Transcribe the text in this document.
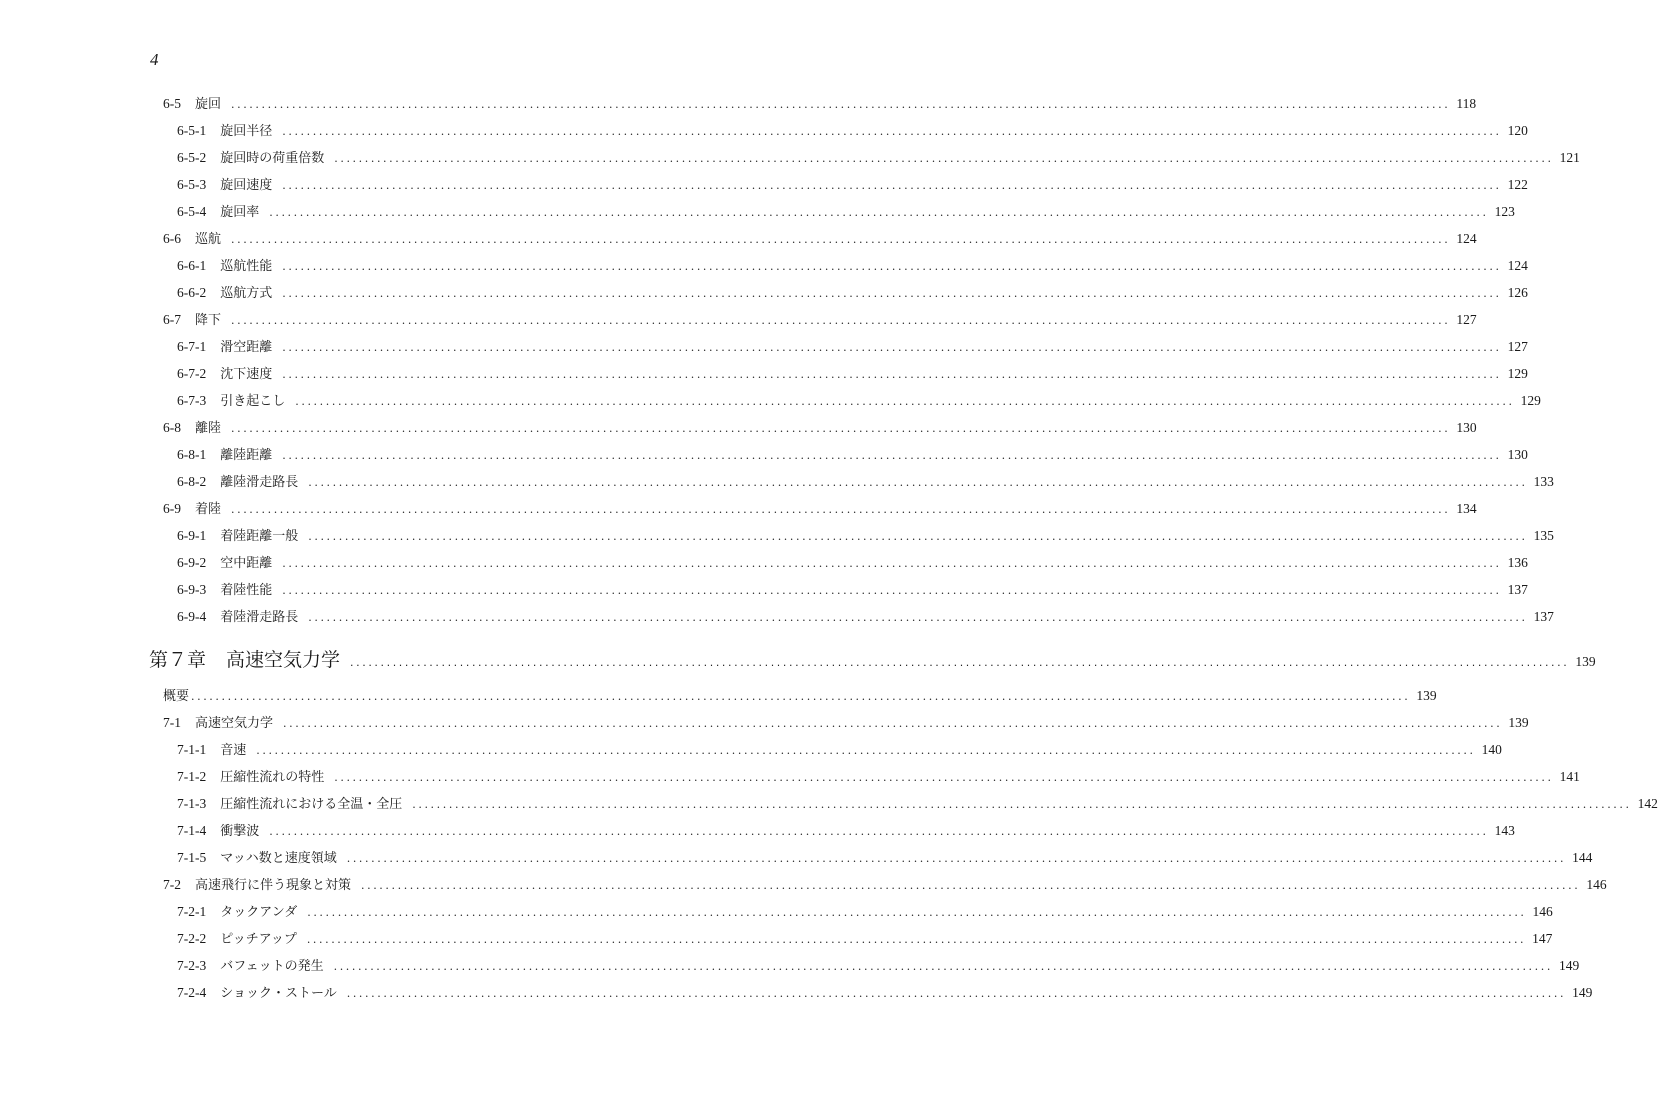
4
6-5 旋回 ........................................................................................................................................................................................................ 118
6-5-1 旋回半径 ........................................................................................................................................................................................................ 120
6-5-2 旋回時の荷重倍数 ........................................................................................................................................................................................................ 121
6-5-3 旋回速度 ........................................................................................................................................................................................................ 122
6-5-4 旋回率 ........................................................................................................................................................................................................ 123
6-6 巡航 ........................................................................................................................................................................................................ 124
6-6-1 巡航性能 ........................................................................................................................................................................................................ 124
6-6-2 巡航方式 ........................................................................................................................................................................................................ 126
6-7 降下 ........................................................................................................................................................................................................ 127
6-7-1 滑空距離 ........................................................................................................................................................................................................ 127
6-7-2 沈下速度 ........................................................................................................................................................................................................ 129
6-7-3 引き起こし ........................................................................................................................................................................................................ 129
6-8 離陸 ........................................................................................................................................................................................................ 130
6-8-1 離陸距離 ........................................................................................................................................................................................................ 130
6-8-2 離陸滑走路長 ........................................................................................................................................................................................................ 133
6-9 着陸 ........................................................................................................................................................................................................ 134
6-9-1 着陸距離一般 ........................................................................................................................................................................................................ 135
6-9-2 空中距離 ........................................................................................................................................................................................................ 136
6-9-3 着陸性能 ........................................................................................................................................................................................................ 137
6-9-4 着陸滑走路長 ........................................................................................................................................................................................................ 137
第７章 高速空気力学 ........................................................................................................................................................................................................ 139
概要 ........................................................................................................................................................................................................ 139
7-1 高速空気力学 ........................................................................................................................................................................................................ 139
7-1-1 音速 ........................................................................................................................................................................................................ 140
7-1-2 圧縮性流れの特性 ........................................................................................................................................................................................................ 141
7-1-3 圧縮性流れにおける全温・全圧 ........................................................................................................................................................................................................ 142
7-1-4 衝撃波 ........................................................................................................................................................................................................ 143
7-1-5 マッハ数と速度領域 ........................................................................................................................................................................................................ 144
7-2 高速飛行に伴う現象と対策 ........................................................................................................................................................................................................ 146
7-2-1 タックアンダ ........................................................................................................................................................................................................ 146
7-2-2 ピッチアップ ........................................................................................................................................................................................................ 147
7-2-3 バフェットの発生 ........................................................................................................................................................................................................ 149
7-2-4 ショック・ストール ........................................................................................................................................................................................................ 149
